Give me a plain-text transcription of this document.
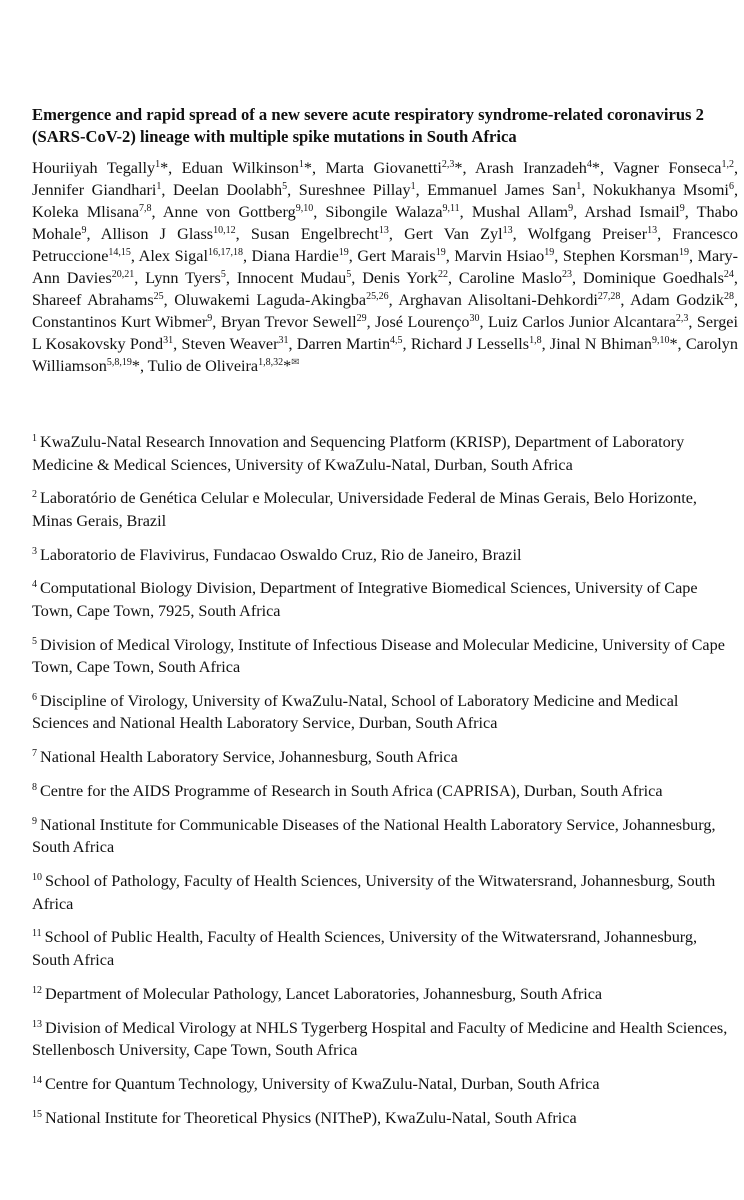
Emergence and rapid spread of a new severe acute respiratory syndrome-related coronavirus 2 (SARS-CoV-2) lineage with multiple spike mutations in South Africa

Houriiyah Tegally$^1$*, Eduan Wilkinson$^1$*, Marta Giovanetti$^{2,3}$*, Arash Iranzadeh$^4$*, Vagner Fonseca$^{1,2}$, Jennifer Giandhari$^1$, Deelan Doolabh$^5$, Sureshnee Pillay$^1$, Emmanuel James San$^1$, Nokukhanya Msomi$^6$, Koleka Mlisana$^{7,8}$, Anne von Gottberg$^{9,10}$, Sibongile Walaza$^{9,11}$, Mushal Allam$^9$, Arshad Ismail$^9$, Thabo Mohale$^9$, Allison J Glass$^{10,12}$, Susan Engelbrecht$^{13}$, Gert Van Zyl$^{13}$, Wolfgang Preiser$^{13}$, Francesco Petruccione$^{14,15}$, Alex Sigal$^{16,17,18}$, Diana Hardie$^{19}$, Gert Marais$^{19}$, Marvin Hsiao$^{19}$, Stephen Korsman$^{19}$, Mary-Ann Davies$^{20,21}$, Lynn Tyers$^5$, Innocent Mudau$^5$, Denis York$^{22}$, Caroline Maslo$^{23}$, Dominique Goedhals$^{24}$, Shareef Abrahams$^{25}$, Oluwakemi Laguda-Akingba$^{25,26}$, Arghavan Alisoltani-Dehkordi$^{27,28}$, Adam Godzik$^{28}$, Constantinos Kurt Wibmer$^9$, Bryan Trevor Sewell$^{29}$, José Lourenço$^{30}$, Luiz Carlos Junior Alcantara$^{2,3}$, Sergei L Kosakovsky Pond$^{31}$, Steven Weaver$^{31}$, Darren Martin$^{4,5}$, Richard J Lessells$^{1,8}$, Jinal N Bhiman$^{9,10}$*, Carolyn Williamson$^{5,8,19}$*, Tulio de Oliveira$^{1,8,32}$*✉

$^1$ KwaZulu-Natal Research Innovation and Sequencing Platform (KRISP), Department of Laboratory Medicine & Medical Sciences, University of KwaZulu-Natal, Durban, South Africa

$^2$ Laboratório de Genética Celular e Molecular, Universidade Federal de Minas Gerais, Belo Horizonte, Minas Gerais, Brazil

$^3$ Laboratorio de Flavivirus, Fundacao Oswaldo Cruz, Rio de Janeiro, Brazil

$^4$ Computational Biology Division, Department of Integrative Biomedical Sciences, University of Cape Town, Cape Town, 7925, South Africa

$^5$ Division of Medical Virology, Institute of Infectious Disease and Molecular Medicine, University of Cape Town, Cape Town, South Africa

$^6$ Discipline of Virology, University of KwaZulu-Natal, School of Laboratory Medicine and Medical Sciences and National Health Laboratory Service, Durban, South Africa

$^7$ National Health Laboratory Service, Johannesburg, South Africa

$^8$ Centre for the AIDS Programme of Research in South Africa (CAPRISA), Durban, South Africa

$^9$ National Institute for Communicable Diseases of the National Health Laboratory Service, Johannesburg, South Africa

$^{10}$ School of Pathology, Faculty of Health Sciences, University of the Witwatersrand, Johannesburg, South Africa

$^{11}$ School of Public Health, Faculty of Health Sciences, University of the Witwatersrand, Johannesburg, South Africa

$^{12}$ Department of Molecular Pathology, Lancet Laboratories, Johannesburg, South Africa

$^{13}$ Division of Medical Virology at NHLS Tygerberg Hospital and Faculty of Medicine and Health Sciences, Stellenbosch University, Cape Town, South Africa

$^{14}$ Centre for Quantum Technology, University of KwaZulu-Natal, Durban, South Africa

$^{15}$ National Institute for Theoretical Physics (NITheP), KwaZulu-Natal, South Africa
